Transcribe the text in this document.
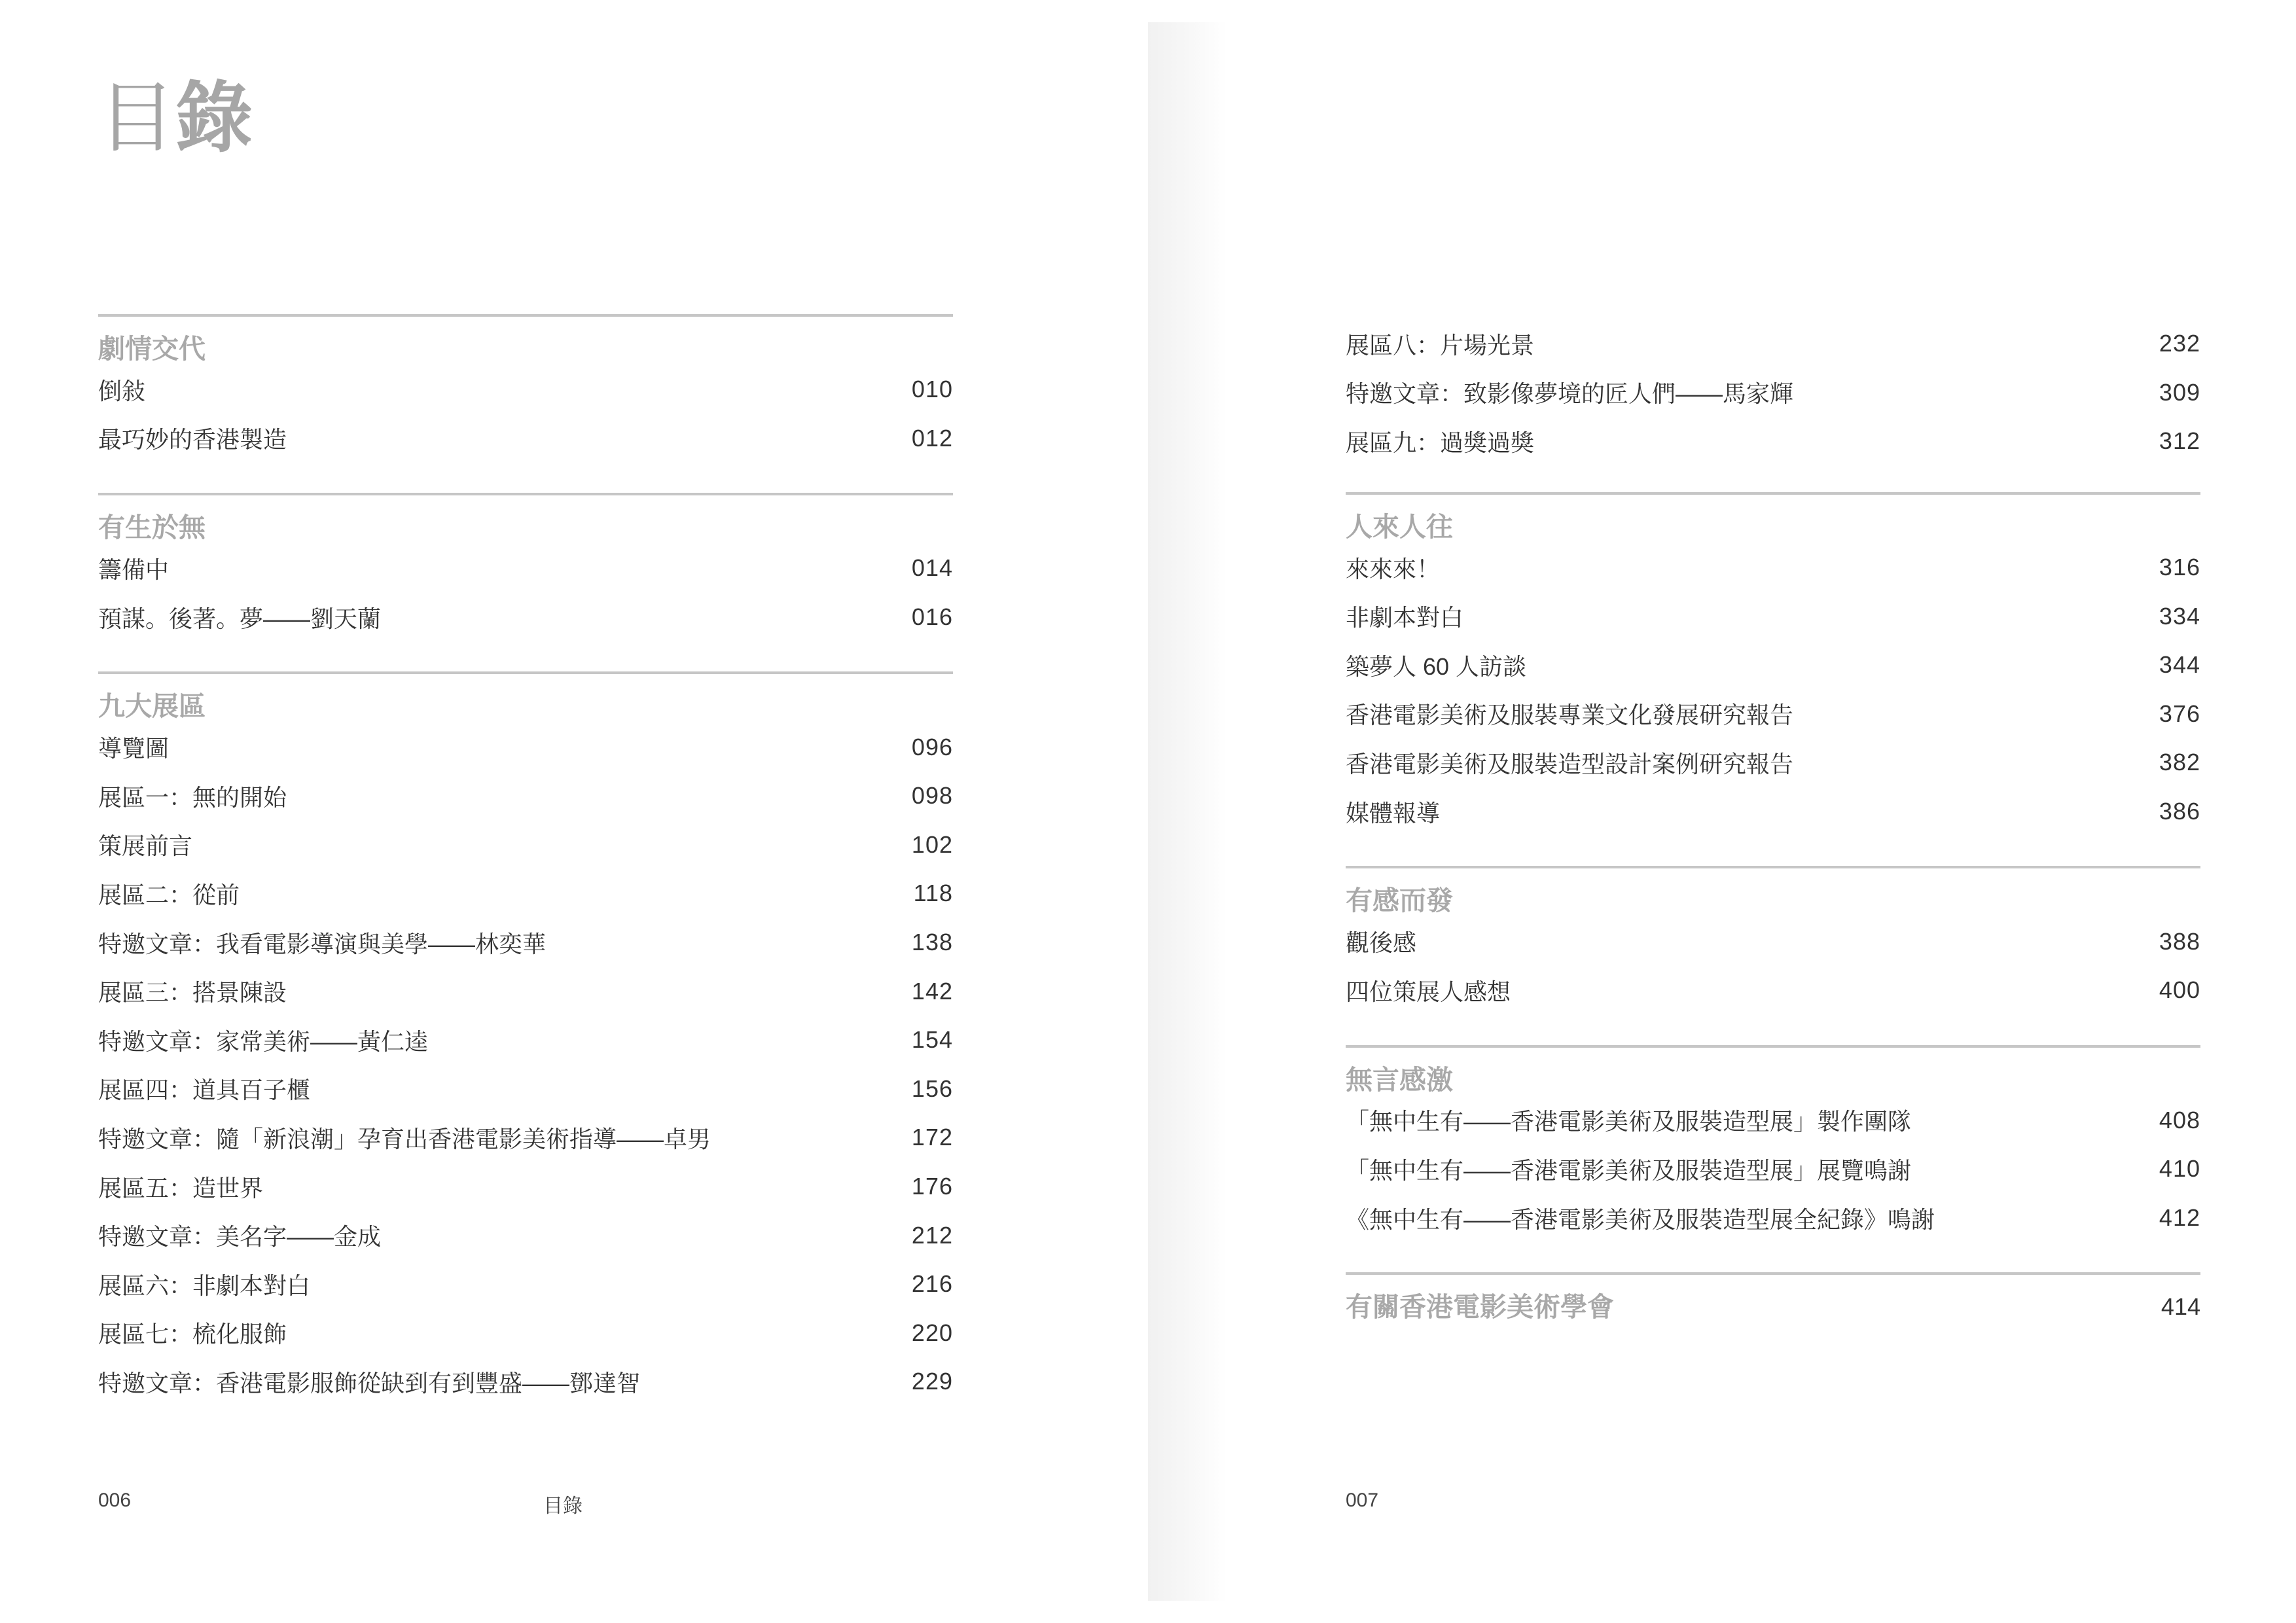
目錄
劇情交代
倒敍	010
最巧妙的香港製造	012
有生於無
籌備中	014
預謀。後著。夢——劉天蘭	016
九大展區
導覽圖	096
展區一：無的開始	098
策展前言	102
展區二：從前	118
特邀文章：我看電影導演與美學——林奕華	138
展區三：搭景陳設	142
特邀文章：家常美術——黃仁逵	154
展區四：道具百子櫃	156
特邀文章：隨「新浪潮」孕育出香港電影美術指導——卓男	172
展區五：造世界	176
特邀文章：美名字——金成	212
展區六：非劇本對白	216
展區七：梳化服飾	220
特邀文章：香港電影服飾從缺到有到豐盛——鄧達智	229
006	目錄
展區八：片場光景	232
特邀文章：致影像夢境的匠人們——馬家輝	309
展區九：過獎過獎	312
人來人往
來來來！	316
非劇本對白	334
築夢人 60 人訪談	344
香港電影美術及服裝專業文化發展研究報告	376
香港電影美術及服裝造型設計案例研究報告	382
媒體報導	386
有感而發
觀後感	388
四位策展人感想	400
無言感激
「無中生有——香港電影美術及服裝造型展」製作團隊	408
「無中生有——香港電影美術及服裝造型展」展覽鳴謝	410
《無中生有——香港電影美術及服裝造型展全紀錄》鳴謝	412
有關香港電影美術學會	414
007
